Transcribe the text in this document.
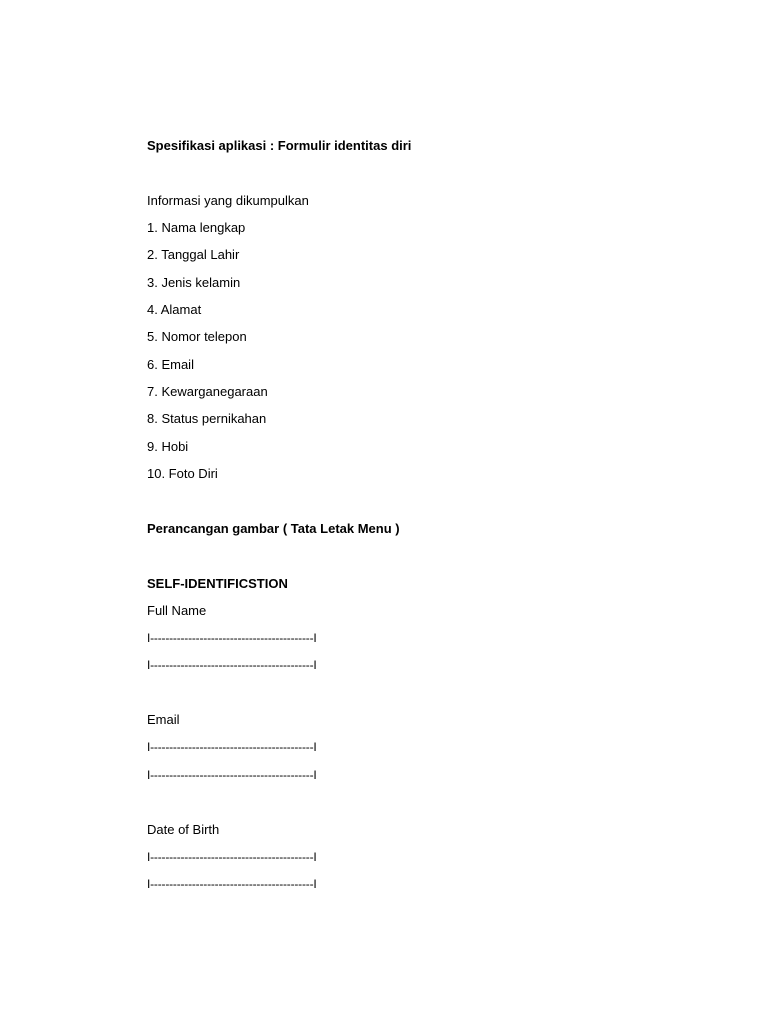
Spesifikasi aplikasi : Formulir identitas diri

Informasi yang dikumpulkan

1. Nama lengkap

2. Tanggal Lahir

3. Jenis kelamin

4. Alamat

5. Nomor telepon

6. Email

7. Kewarganegaraan

8. Status pernikahan

9. Hobi

10. Foto Diri

Perancangan gambar ( Tata Letak Menu )

SELF-IDENTIFICSTION

Full Name

I-------------------------------------------I

I-------------------------------------------I

Email

I-------------------------------------------I

I-------------------------------------------I

Date of Birth

I-------------------------------------------I

I-------------------------------------------I
